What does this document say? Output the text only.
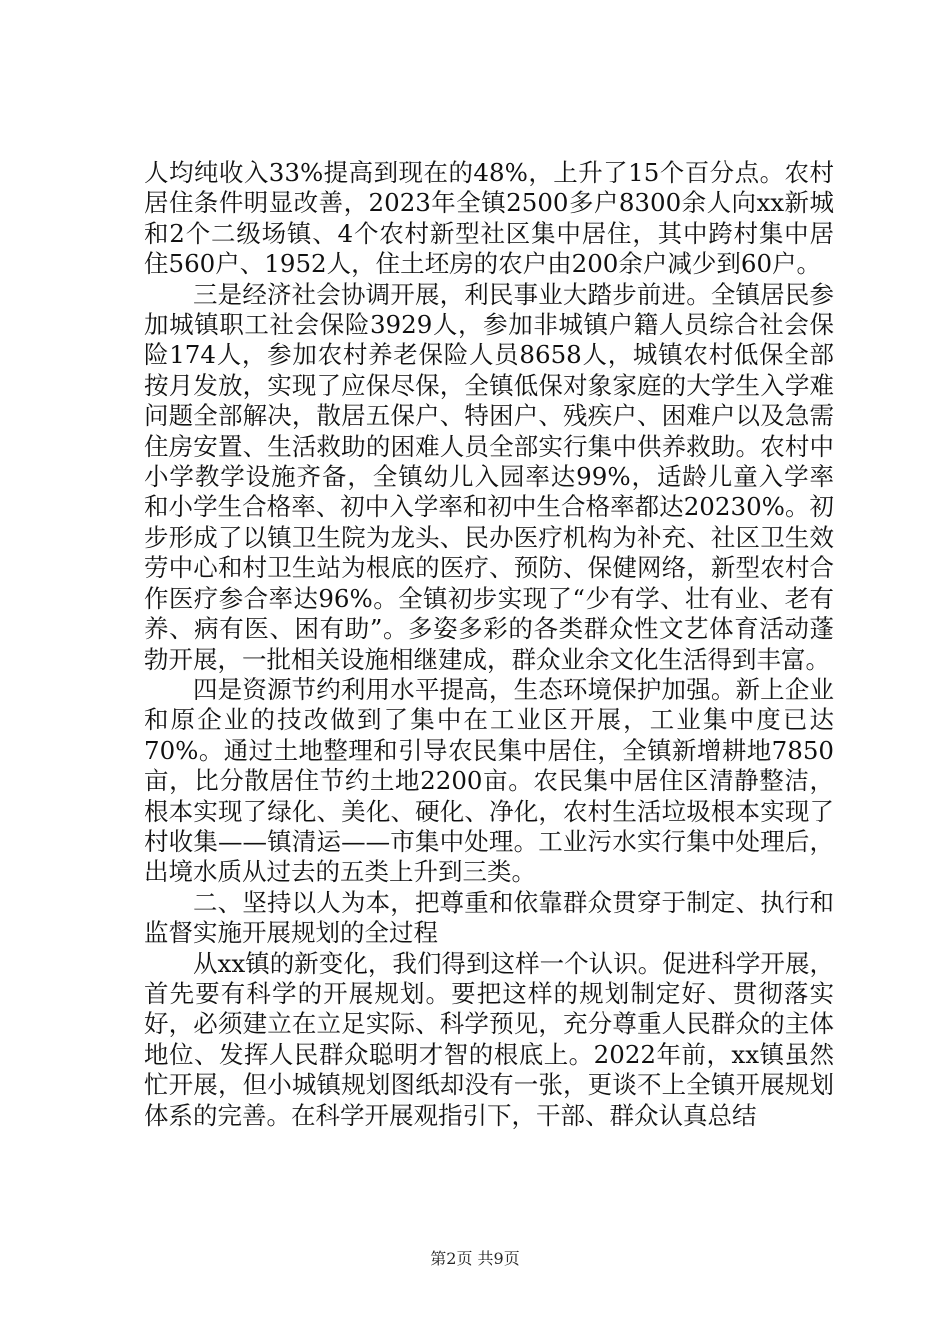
人均纯收入33%提高到现在的48%，上升了15个百分点。农村居住条件明显改善，2023年全镇2500多户8300余人向xx新城和2个二级场镇、4个农村新型社区集中居住，其中跨村集中居住560户、1952人，住土坯房的农户由200余户减少到60户。

三是经济社会协调开展，利民事业大踏步前进。全镇居民参加城镇职工社会保险3929人，参加非城镇户籍人员综合社会保险174人，参加农村养老保险人员8658人，城镇农村低保全部按月发放，实现了应保尽保，全镇低保对象家庭的大学生入学难问题全部解决，散居五保户、特困户、残疾户、困难户以及急需住房安置、生活救助的困难人员全部实行集中供养救助。农村中小学教学设施齐备，全镇幼儿入园率达99%，适龄儿童入学率和小学生合格率、初中入学率和初中生合格率都达20230%。初步形成了以镇卫生院为龙头、民办医疗机构为补充、社区卫生效劳中心和村卫生站为根底的医疗、预防、保健网络，新型农村合作医疗参合率达96%。全镇初步实现了“少有学、壮有业、老有养、病有医、困有助”。多姿多彩的各类群众性文艺体育活动蓬勃开展，一批相关设施相继建成，群众业余文化生活得到丰富。

四是资源节约利用水平提高，生态环境保护加强。新上企业和原企业的技改做到了集中在工业区开展，工业集中度已达70%。通过土地整理和引导农民集中居住，全镇新增耕地7850亩，比分散居住节约土地2200亩。农民集中居住区清静整洁，根本实现了绿化、美化、硬化、净化，农村生活垃圾根本实现了村收集——镇清运——市集中处理。工业污水实行集中处理后，出境水质从过去的五类上升到三类。

二、坚持以人为本，把尊重和依靠群众贯穿于制定、执行和监督实施开展规划的全过程

从xx镇的新变化，我们得到这样一个认识。促进科学开展，首先要有科学的开展规划。要把这样的规划制定好、贯彻落实好，必须建立在立足实际、科学预见，充分尊重人民群众的主体地位、发挥人民群众聪明才智的根底上。2022年前，xx镇虽然忙开展，但小城镇规划图纸却没有一张，更谈不上全镇开展规划体系的完善。在科学开展观指引下，干部、群众认真总结

第2页 共9页
